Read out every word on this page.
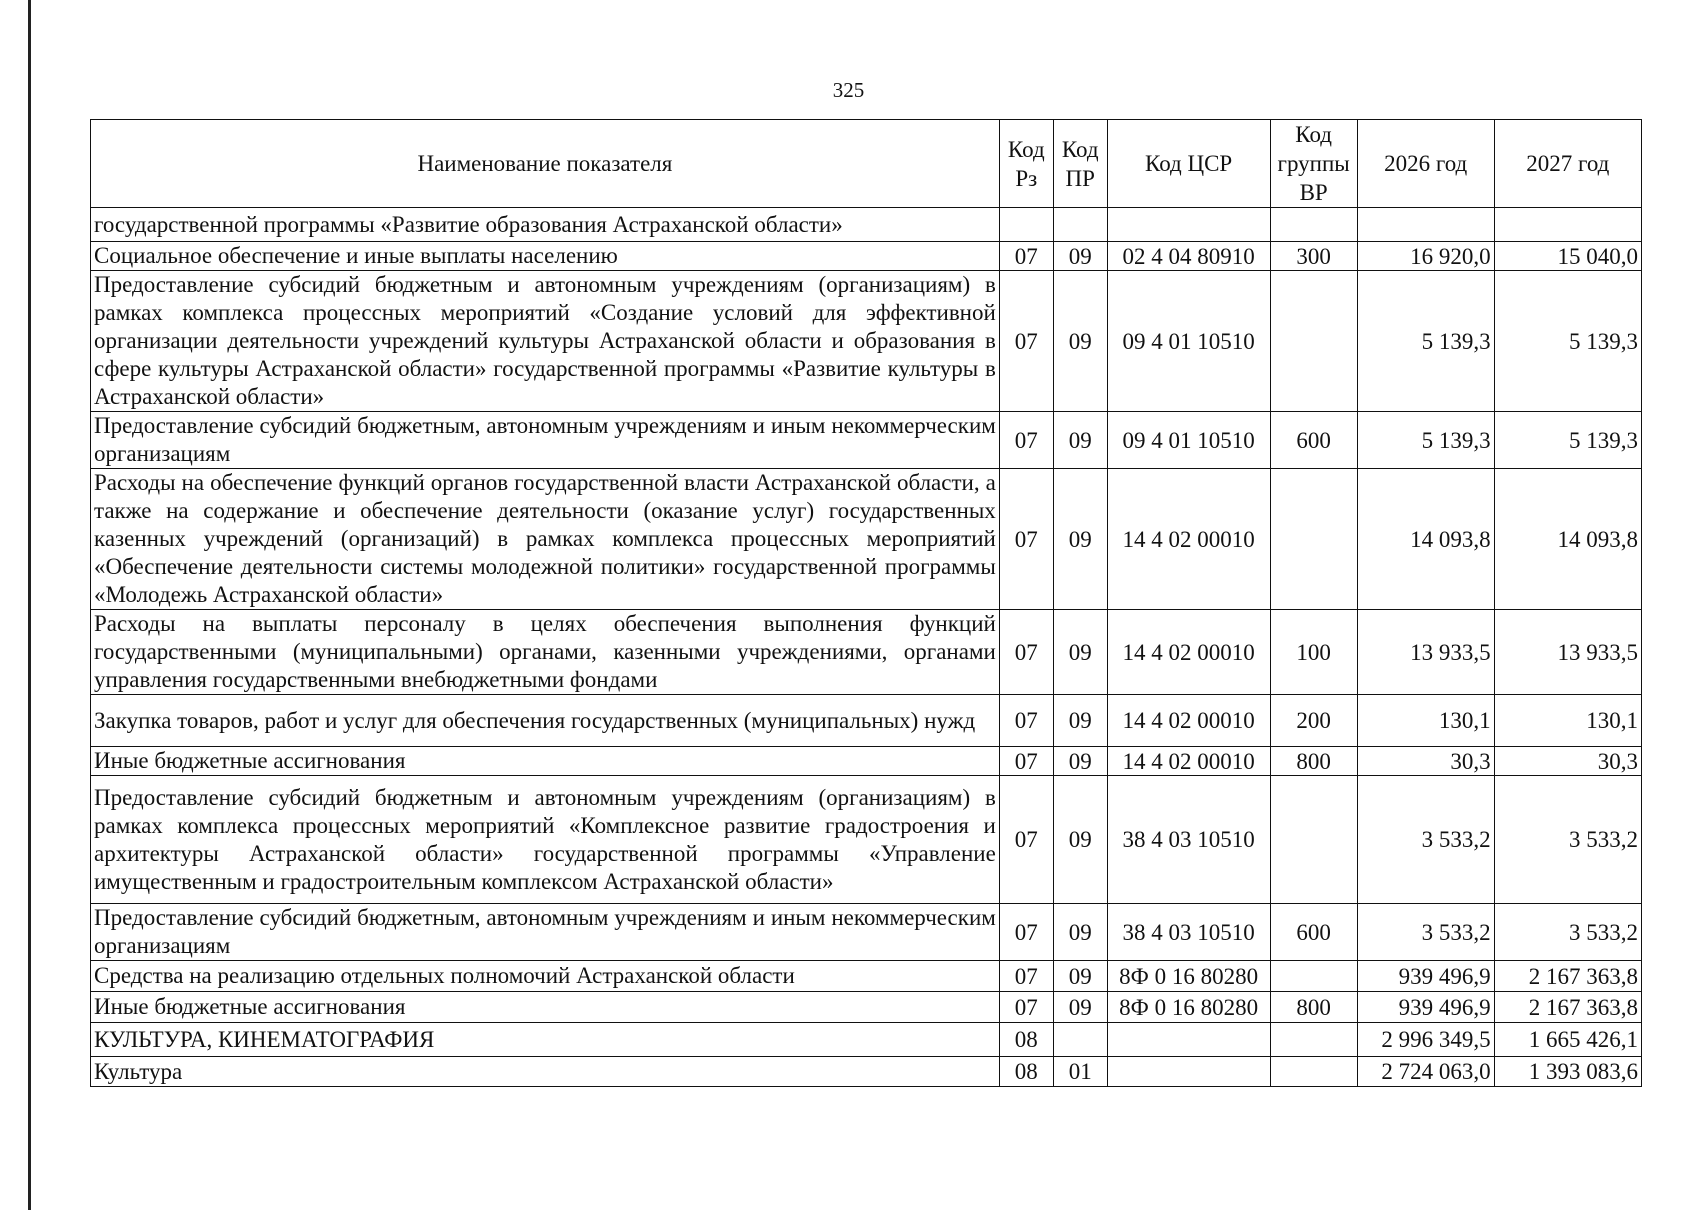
325
Наименование показателя	Код Рз	Код ПР	Код ЦСР	Код группы ВР	2026 год	2027 год
государственной программы «Развитие образования Астраханской области»						
Социальное обеспечение и иные выплаты населению	07	09	02 4 04 80910	300	16 920,0	15 040,0
Предоставление субсидий бюджетным и автономным учреждениям (организациям) в рамках комплекса процессных мероприятий «Создание условий для эффективной организации деятельности учреждений культуры Астраханской области и образования в сфере культуры Астраханской области» государственной программы «Развитие культуры в Астраханской области»	07	09	09 4 01 10510		5 139,3	5 139,3
Предоставление субсидий бюджетным, автономным учреждениям и иным некоммерческим организациям	07	09	09 4 01 10510	600	5 139,3	5 139,3
Расходы на обеспечение функций органов государственной власти Астраханской области, а также на содержание и обеспечение деятельности (оказание услуг) государственных казенных учреждений (организаций) в рамках комплекса процессных мероприятий «Обеспечение деятельности системы молодежной политики» государственной программы «Молодежь Астраханской области»	07	09	14 4 02 00010		14 093,8	14 093,8
Расходы на выплаты персоналу в целях обеспечения выполнения функций государственными (муниципальными) органами, казенными учреждениями, органами управления государственными внебюджетными фондами	07	09	14 4 02 00010	100	13 933,5	13 933,5
Закупка товаров, работ и услуг для обеспечения государственных (муниципальных) нужд	07	09	14 4 02 00010	200	130,1	130,1
Иные бюджетные ассигнования	07	09	14 4 02 00010	800	30,3	30,3
Предоставление субсидий бюджетным и автономным учреждениям (организациям) в рамках комплекса процессных мероприятий «Комплексное развитие градостроения и архитектуры Астраханской области» государственной программы «Управление имущественным и градостроительным комплексом Астраханской области»	07	09	38 4 03 10510		3 533,2	3 533,2
Предоставление субсидий бюджетным, автономным учреждениям и иным некоммерческим организациям	07	09	38 4 03 10510	600	3 533,2	3 533,2
Средства на реализацию отдельных полномочий Астраханской области	07	09	8Ф 0 16 80280		939 496,9	2 167 363,8
Иные бюджетные ассигнования	07	09	8Ф 0 16 80280	800	939 496,9	2 167 363,8
КУЛЬТУРА, КИНЕМАТОГРАФИЯ	08				2 996 349,5	1 665 426,1
Культура	08	01			2 724 063,0	1 393 083,6
